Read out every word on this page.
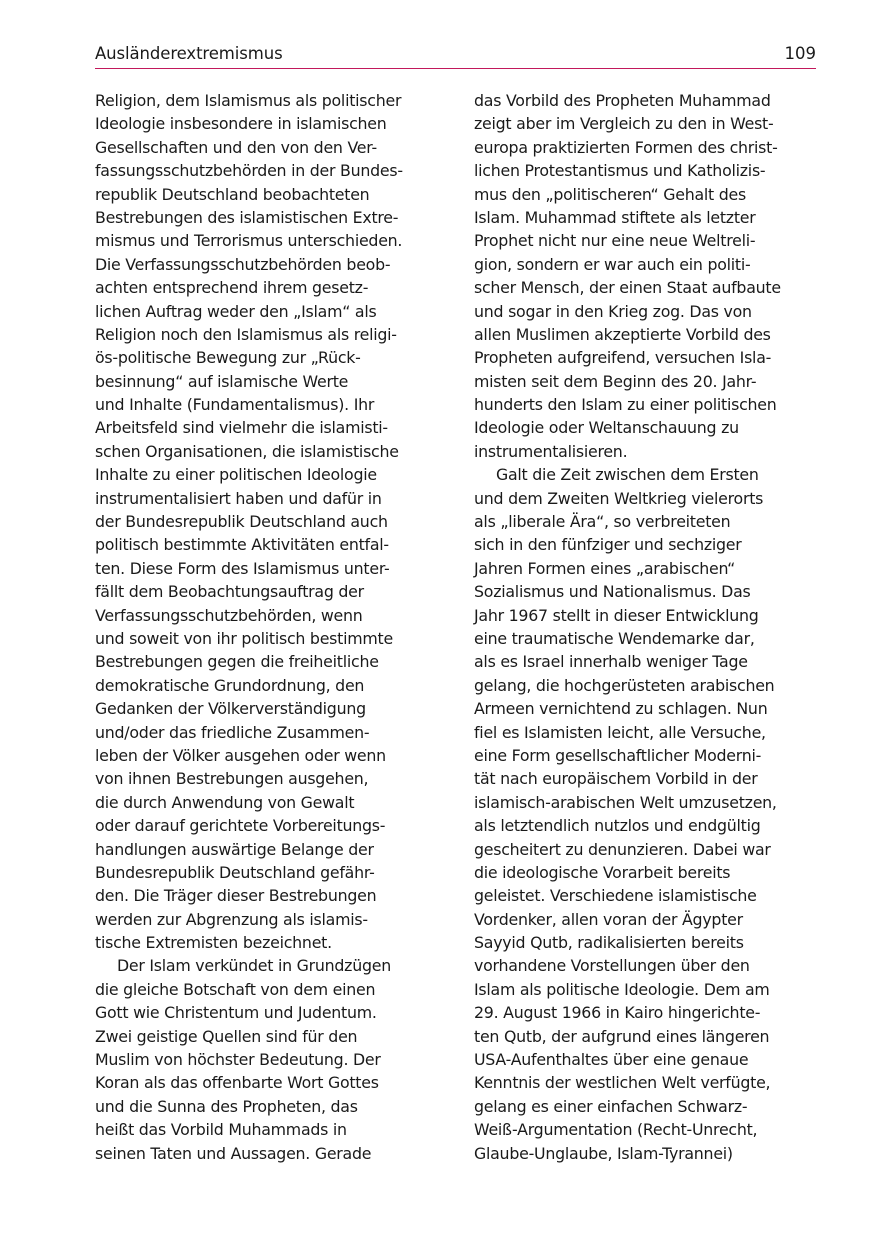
Ausländerextremismus	109
Religion, dem Islamismus als politischer
Ideologie insbesondere in islamischen
Gesellschaften und den von den Ver-
fassungsschutzbehörden in der Bundes-
republik Deutschland beobachteten
Bestrebungen des islamistischen Extre-
mismus und Terrorismus unterschieden.
Die Verfassungsschutzbehörden beob-
achten entsprechend ihrem gesetz-
lichen Auftrag weder den „Islam“ als
Religion noch den Islamismus als religi-
ös-politische Bewegung zur „Rück-
besinnung“ auf islamische Werte
und Inhalte (Fundamentalismus). Ihr
Arbeitsfeld sind vielmehr die islamisti-
schen Organisationen, die islamistische
Inhalte zu einer politischen Ideologie
instrumentalisiert haben und dafür in
der Bundesrepublik Deutschland auch
politisch bestimmte Aktivitäten entfal-
ten. Diese Form des Islamismus unter-
fällt dem Beobachtungsauftrag der
Verfassungsschutzbehörden, wenn
und soweit von ihr politisch bestimmte
Bestrebungen gegen die freiheitliche
demokratische Grundordnung, den
Gedanken der Völkerverständigung
und/oder das friedliche Zusammen-
leben der Völker ausgehen oder wenn
von ihnen Bestrebungen ausgehen,
die durch Anwendung von Gewalt
oder darauf gerichtete Vorbereitungs-
handlungen auswärtige Belange der
Bundesrepublik Deutschland gefähr-
den. Die Träger dieser Bestrebungen
werden zur Abgrenzung als islamis-
tische Extremisten bezeichnet.
Der Islam verkündet in Grundzügen
die gleiche Botschaft von dem einen
Gott wie Christentum und Judentum.
Zwei geistige Quellen sind für den
Muslim von höchster Bedeutung. Der
Koran als das offenbarte Wort Gottes
und die Sunna des Propheten, das
heißt das Vorbild Muhammads in
seinen Taten und Aussagen. Gerade
das Vorbild des Propheten Muhammad
zeigt aber im Vergleich zu den in West-
europa praktizierten Formen des christ-
lichen Protestantismus und Katholizis-
mus den „politischeren“ Gehalt des
Islam. Muhammad stiftete als letzter
Prophet nicht nur eine neue Weltreli-
gion, sondern er war auch ein politi-
scher Mensch, der einen Staat aufbaute
und sogar in den Krieg zog. Das von
allen Muslimen akzeptierte Vorbild des
Propheten aufgreifend, versuchen Isla-
misten seit dem Beginn des 20. Jahr-
hunderts den Islam zu einer politischen
Ideologie oder Weltanschauung zu
instrumentalisieren.
Galt die Zeit zwischen dem Ersten
und dem Zweiten Weltkrieg vielerorts
als „liberale Ära“, so verbreiteten
sich in den fünfziger und sechziger
Jahren Formen eines „arabischen“
Sozialismus und Nationalismus. Das
Jahr 1967 stellt in dieser Entwicklung
eine traumatische Wendemarke dar,
als es Israel innerhalb weniger Tage
gelang, die hochgerüsteten arabischen
Armeen vernichtend zu schlagen. Nun
fiel es Islamisten leicht, alle Versuche,
eine Form gesellschaftlicher Moderni-
tät nach europäischem Vorbild in der
islamisch-arabischen Welt umzusetzen,
als letztendlich nutzlos und endgültig
gescheitert zu denunzieren. Dabei war
die ideologische Vorarbeit bereits
geleistet. Verschiedene islamistische
Vordenker, allen voran der Ägypter
Sayyid Qutb, radikalisierten bereits
vorhandene Vorstellungen über den
Islam als politische Ideologie. Dem am
29. August 1966 in Kairo hingerichte-
ten Qutb, der aufgrund eines längeren
USA-Aufenthaltes über eine genaue
Kenntnis der westlichen Welt verfügte,
gelang es einer einfachen Schwarz-
Weiß-Argumentation (Recht-Unrecht,
Glaube-Unglaube, Islam-Tyrannei)
